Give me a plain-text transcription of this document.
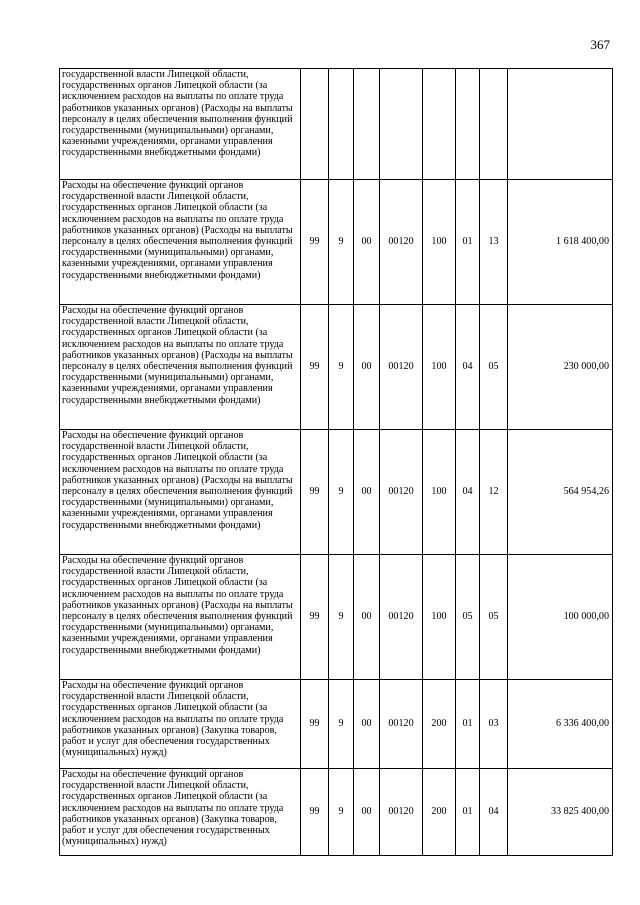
367
государственной власти Липецкой области, государственных органов Липецкой области (за исключением расходов на выплаты по оплате труда работников указанных органов) (Расходы на выплаты персоналу в целях обеспечения выполнения функций государственными (муниципальными) органами, казенными учреждениями, органами управления государственными внебюджетными фондами)								
Расходы на обеспечение функций органов государственной власти Липецкой области, государственных органов Липецкой области (за исключением расходов на выплаты по оплате труда работников указанных органов) (Расходы на выплаты персоналу в целях обеспечения выполнения функций государственными (муниципальными) органами, казенными учреждениями, органами управления государственными внебюджетными фондами)	99	9	00	00120	100	01	13	1 618 400,00
Расходы на обеспечение функций органов государственной власти Липецкой области, государственных органов Липецкой области (за исключением расходов на выплаты по оплате труда работников указанных органов) (Расходы на выплаты персоналу в целях обеспечения выполнения функций государственными (муниципальными) органами, казенными учреждениями, органами управления государственными внебюджетными фондами)	99	9	00	00120	100	04	05	230 000,00
Расходы на обеспечение функций органов государственной власти Липецкой области, государственных органов Липецкой области (за исключением расходов на выплаты по оплате труда работников указанных органов) (Расходы на выплаты персоналу в целях обеспечения выполнения функций государственными (муниципальными) органами, казенными учреждениями, органами управления государственными внебюджетными фондами)	99	9	00	00120	100	04	12	564 954,26
Расходы на обеспечение функций органов государственной власти Липецкой области, государственных органов Липецкой области (за исключением расходов на выплаты по оплате труда работников указанных органов) (Расходы на выплаты персоналу в целях обеспечения выполнения функций государственными (муниципальными) органами, казенными учреждениями, органами управления государственными внебюджетными фондами)	99	9	00	00120	100	05	05	100 000,00
Расходы на обеспечение функций органов государственной власти Липецкой области, государственных органов Липецкой области (за исключением расходов на выплаты по оплате труда работников указанных органов) (Закупка товаров, работ и услуг для обеспечения государственных (муниципальных) нужд)	99	9	00	00120	200	01	03	6 336 400,00
Расходы на обеспечение функций органов государственной власти Липецкой области, государственных органов Липецкой области (за исключением расходов на выплаты по оплате труда работников указанных органов) (Закупка товаров, работ и услуг для обеспечения государственных (муниципальных) нужд)	99	9	00	00120	200	01	04	33 825 400,00
